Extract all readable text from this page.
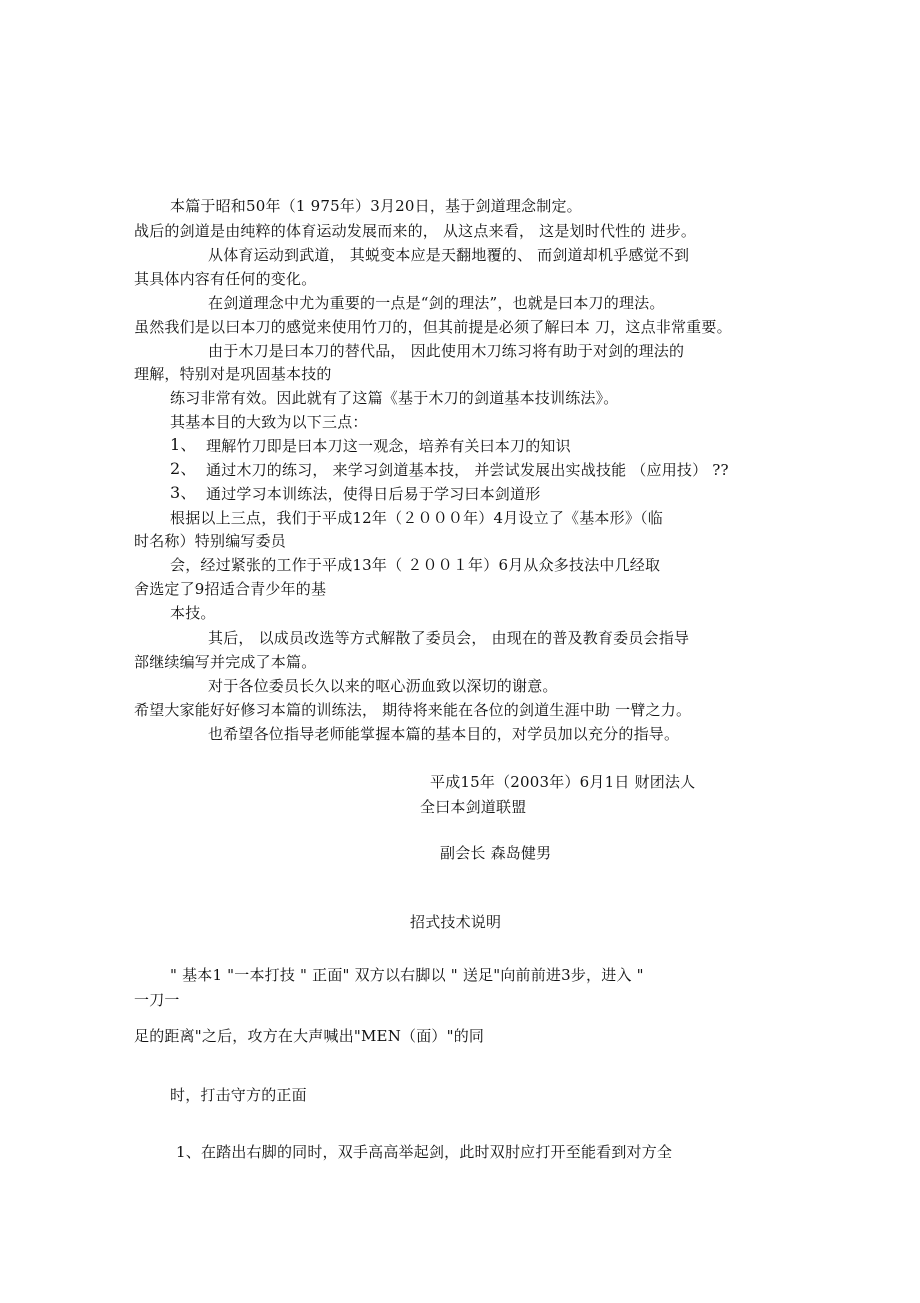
本篇于昭和50年（1 975年）3月20日，基于剑道理念制定。
战后的剑道是由纯粹的体育运动发展而来的， 从这点来看， 这是划时代性的 进步。
从体育运动到武道， 其蜕变本应是天翻地覆的、 而剑道却机乎感觉不到
其具体内容有任何的变化。
在剑道理念中尤为重要的一点是“剑的理法”，也就是曰本刀的理法。
虽然我们是以曰本刀的感觉来使用竹刀的，但其前提是必须了解曰本 刀，这点非常重要。
由于木刀是曰本刀的替代品， 因此使用木刀练习将有助于对剑的理法的
理解，特别对是巩固基本技的
练习非常有效。因此就有了这篇《基于木刀的剑道基本技训练法》。
其基本目的大致为以下三点：
1、 理解竹刀即是曰本刀这一观念，培养有关曰本刀的知识
2、 通过木刀的练习， 来学习剑道基本技， 并尝试发展出实战技能 （应用技） ??
3、 通过学习本训练法，使得日后易于学习曰本剑道形
根据以上三点，我们于平成12年（２０００年）4月设立了《基本形》（临
时名称）特别编写委员
会，经过紧张的工作于平成13年（ ２００１年）6月从众多技法中几经取
舍选定了9招适合青少年的基
本技。
其后， 以成员改选等方式解散了委员会， 由现在的普及教育委员会指导
部继续编写并完成了本篇。
对于各位委员长久以来的呕心沥血致以深切的谢意。
希望大家能好好修习本篇的训练法， 期待将来能在各位的剑道生涯中助 一臂之力。
也希望各位指导老师能掌握本篇的基本目的，对学员加以充分的指导。
平成15年（2003年）6月1日 财团法人
全曰本剑道联盟
副会长 森岛健男
招式技术说明
" 基本1 "一本打技 " 正面" 双方以右脚以 " 送足"向前前进3步，进入 "
一刀一
足的距离"之后，攻方在大声喊出"MEN（面）"的同
时，打击守方的正面
1、在踏出右脚的同时，双手高高举起剑，此时双肘应打开至能看到对方全
